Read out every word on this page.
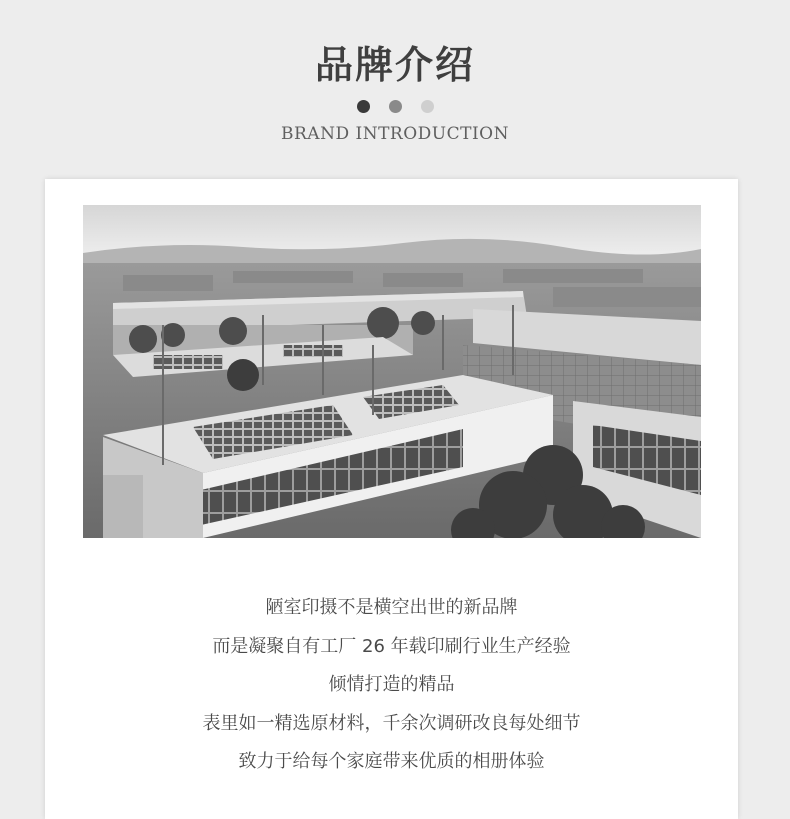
品牌介绍
BRAND INTRODUCTION
陋室印摄不是横空出世的新品牌
而是凝聚自有工厂 26 年载印刷行业生产经验
倾情打造的精品
表里如一精选原材料，千余次调研改良每处细节
致力于给每个家庭带来优质的相册体验
